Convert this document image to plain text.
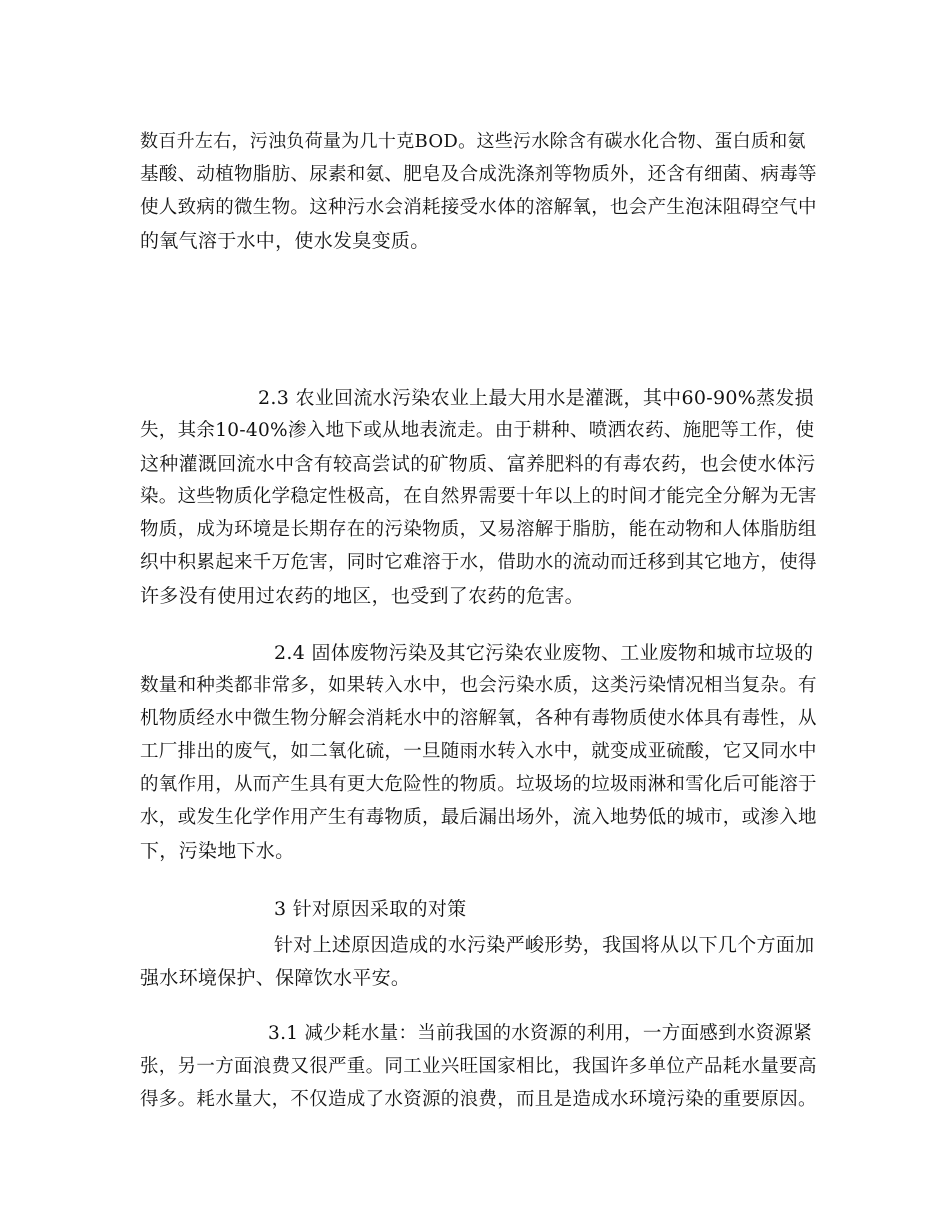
数百升左右，污浊负荷量为几十克BOD。这些污水除含有碳水化合物、蛋白质和氨
基酸、动植物脂肪、尿素和氨、肥皂及合成洗涤剂等物质外，还含有细菌、病毒等
使人致病的微生物。这种污水会消耗接受水体的溶解氧，也会产生泡沫阻碍空气中
的氧气溶于水中，使水发臭变质。
2.3 农业回流水污染农业上最大用水是灌溉，其中60-90%蒸发损
失，其余10-40%渗入地下或从地表流走。由于耕种、喷洒农药、施肥等工作，使
这种灌溉回流水中含有较高尝试的矿物质、富养肥料的有毒农药，也会使水体污
染。这些物质化学稳定性极高，在自然界需要十年以上的时间才能完全分解为无害
物质，成为环境是长期存在的污染物质，又易溶解于脂肪，能在动物和人体脂肪组
织中积累起来千万危害，同时它难溶于水，借助水的流动而迁移到其它地方，使得
许多没有使用过农药的地区，也受到了农药的危害。
2.4 固体废物污染及其它污染农业废物、工业废物和城市垃圾的
数量和种类都非常多，如果转入水中，也会污染水质，这类污染情况相当复杂。有
机物质经水中微生物分解会消耗水中的溶解氧，各种有毒物质使水体具有毒性，从
工厂排出的废气，如二氧化硫，一旦随雨水转入水中，就变成亚硫酸，它又同水中
的氧作用，从而产生具有更大危险性的物质。垃圾场的垃圾雨淋和雪化后可能溶于
水，或发生化学作用产生有毒物质，最后漏出场外，流入地势低的城市，或渗入地
下，污染地下水。
3 针对原因采取的对策
针对上述原因造成的水污染严峻形势，我国将从以下几个方面加
强水环境保护、保障饮水平安。
3.1 减少耗水量：当前我国的水资源的利用，一方面感到水资源紧
张，另一方面浪费又很严重。同工业兴旺国家相比，我国许多单位产品耗水量要高
得多。耗水量大，不仅造成了水资源的浪费，而且是造成水环境污染的重要原因。
